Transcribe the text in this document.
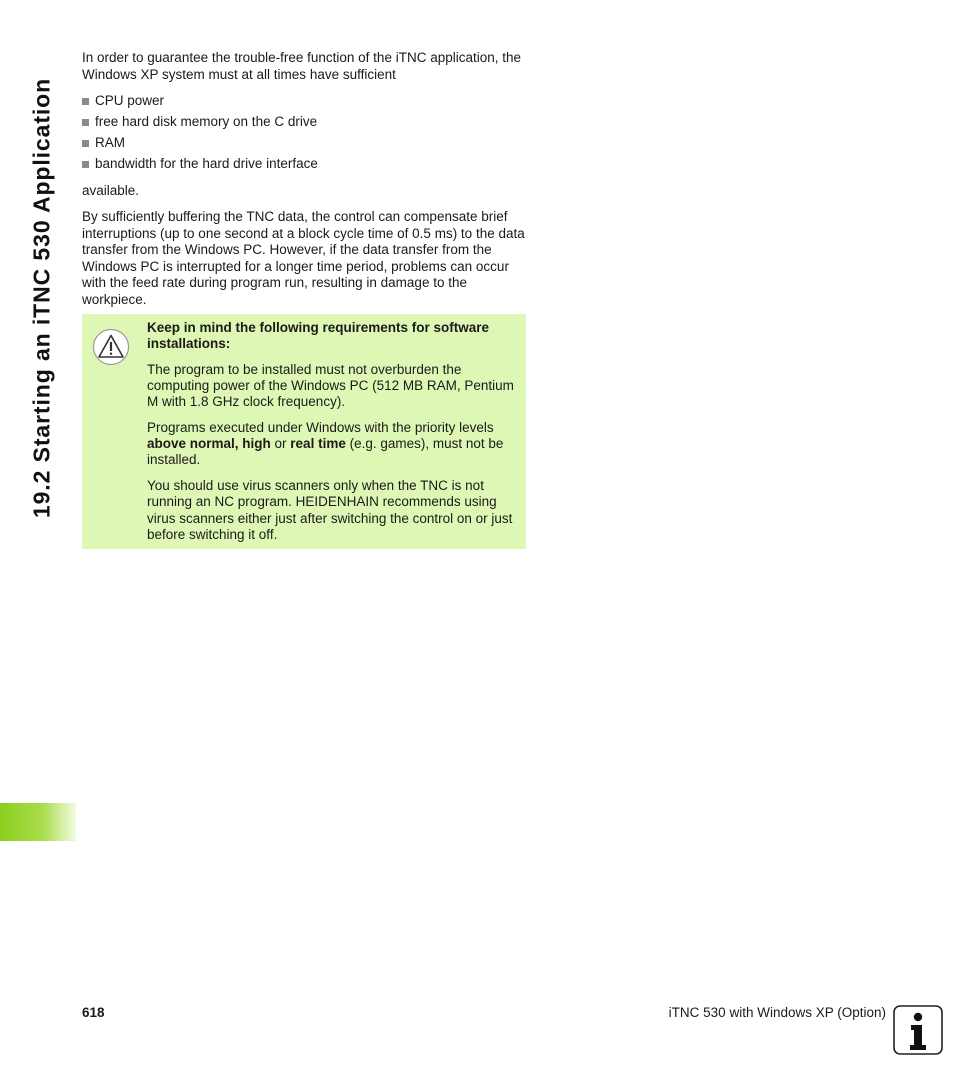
19.2 Starting an iTNC 530 Application

In order to guarantee the trouble-free function of the iTNC application, the Windows XP system must at all times have sufficient

CPU power
free hard disk memory on the C drive
RAM
bandwidth for the hard drive interface

available.

By sufficiently buffering the TNC data, the control can compensate brief interruptions (up to one second at a block cycle time of 0.5 ms) to the data transfer from the Windows PC. However, if the data transfer from the Windows PC is interrupted for a longer time period, problems can occur with the feed rate during program run, resulting in damage to the workpiece.

Keep in mind the following requirements for software installations:

The program to be installed must not overburden the computing power of the Windows PC (512 MB RAM, Pentium M with 1.8 GHz clock frequency).

Programs executed under Windows with the priority levels above normal, high or real time (e.g. games), must not be installed.

You should use virus scanners only when the TNC is not running an NC program. HEIDENHAIN recommends using virus scanners either just after switching the control on or just before switching it off.

618	iTNC 530 with Windows XP (Option)
